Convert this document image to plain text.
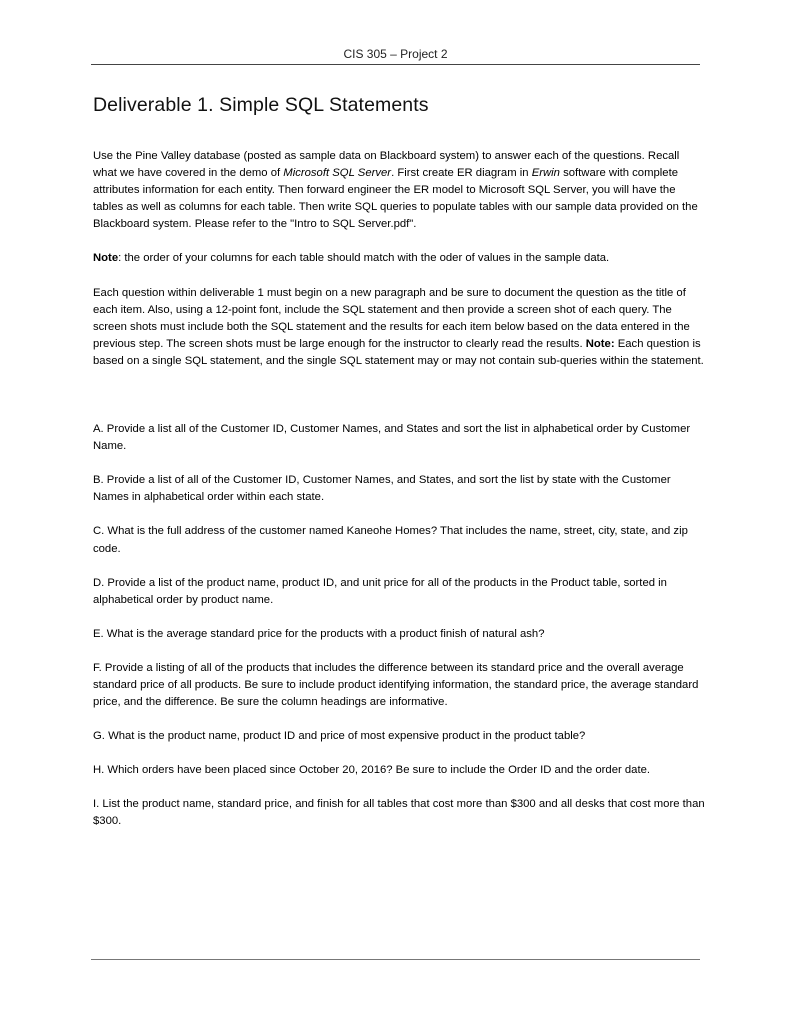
CIS 305 – Project 2
Deliverable 1. Simple SQL Statements

Use the Pine Valley database (posted as sample data on Blackboard system) to answer each of the questions. Recall what we have covered in the demo of Microsoft SQL Server. First create ER diagram in Erwin software with complete attributes information for each entity. Then forward engineer the ER model to Microsoft SQL Server, you will have the tables as well as columns for each table. Then write SQL queries to populate tables with our sample data provided on the Blackboard system. Please refer to the "Intro to SQL Server.pdf".

Note: the order of your columns for each table should match with the oder of values in the sample data.

Each question within deliverable 1 must begin on a new paragraph and be sure to document the question as the title of each item. Also, using a 12-point font, include the SQL statement and then provide a screen shot of each query. The screen shots must include both the SQL statement and the results for each item below based on the data entered in the previous step. The screen shots must be large enough for the instructor to clearly read the results. Note: Each question is based on a single SQL statement, and the single SQL statement may or may not contain sub-queries within the statement.

A. Provide a list all of the Customer ID, Customer Names, and States and sort the list in alphabetical order by Customer Name.

B. Provide a list of all of the Customer ID, Customer Names, and States, and sort the list by state with the Customer Names in alphabetical order within each state.

C. What is the full address of the customer named Kaneohe Homes? That includes the name, street, city, state, and zip code.

D. Provide a list of the product name, product ID, and unit price for all of the products in the Product table, sorted in alphabetical order by product name.

E. What is the average standard price for the products with a product finish of natural ash?

F. Provide a listing of all of the products that includes the difference between its standard price and the overall average standard price of all products. Be sure to include product identifying information, the standard price, the average standard price, and the difference. Be sure the column headings are informative.

G. What is the product name, product ID and price of most expensive product in the product table?

H. Which orders have been placed since October 20, 2016? Be sure to include the Order ID and the order date.

I. List the product name, standard price, and finish for all tables that cost more than $300 and all desks that cost more than $300.
